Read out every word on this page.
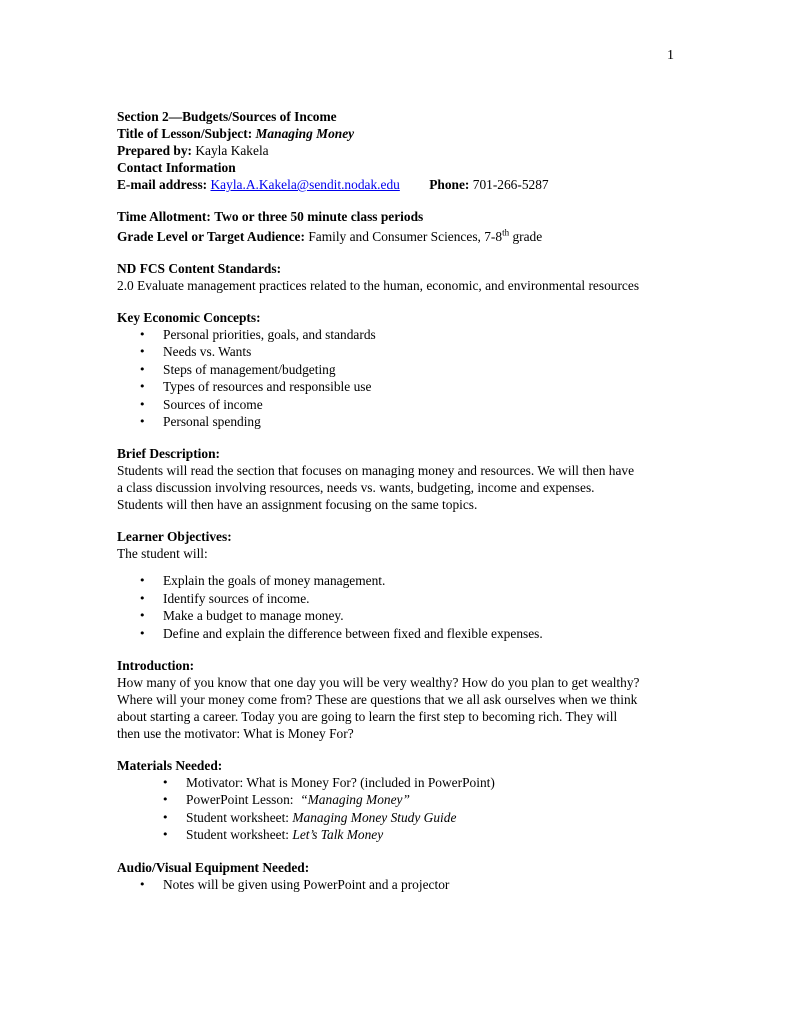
1

Section 2—Budgets/Sources of Income

Title of Lesson/Subject: Managing Money

Prepared by: Kayla Kakela

Contact Information

E-mail address: Kayla.A.Kakela@sendit.nodak.edu Phone: 701-266-5287

Time Allotment: Two or three 50 minute class periods

Grade Level or Target Audience: Family and Consumer Sciences, 7-8th grade

ND FCS Content Standards:

2.0 Evaluate management practices related to the human, economic, and environmental resources

Key Economic Concepts:

• Personal priorities, goals, and standards
• Needs vs. Wants
• Steps of management/budgeting
• Types of resources and responsible use
• Sources of income
• Personal spending

Brief Description:

Students will read the section that focuses on managing money and resources. We will then have

a class discussion involving resources, needs vs. wants, budgeting, income and expenses.

Students will then have an assignment focusing on the same topics.

Learner Objectives:

The student will:

• Explain the goals of money management.
• Identify sources of income.
• Make a budget to manage money.
• Define and explain the difference between fixed and flexible expenses.

Introduction:

How many of you know that one day you will be very wealthy? How do you plan to get wealthy?

Where will your money come from? These are questions that we all ask ourselves when we think

about starting a career. Today you are going to learn the first step to becoming rich. They will

then use the motivator: What is Money For?

Materials Needed:

• Motivator: What is Money For? (included in PowerPoint)
• PowerPoint Lesson: “Managing Money”
• Student worksheet: Managing Money Study Guide
• Student worksheet: Let’s Talk Money

Audio/Visual Equipment Needed:

• Notes will be given using PowerPoint and a projector
